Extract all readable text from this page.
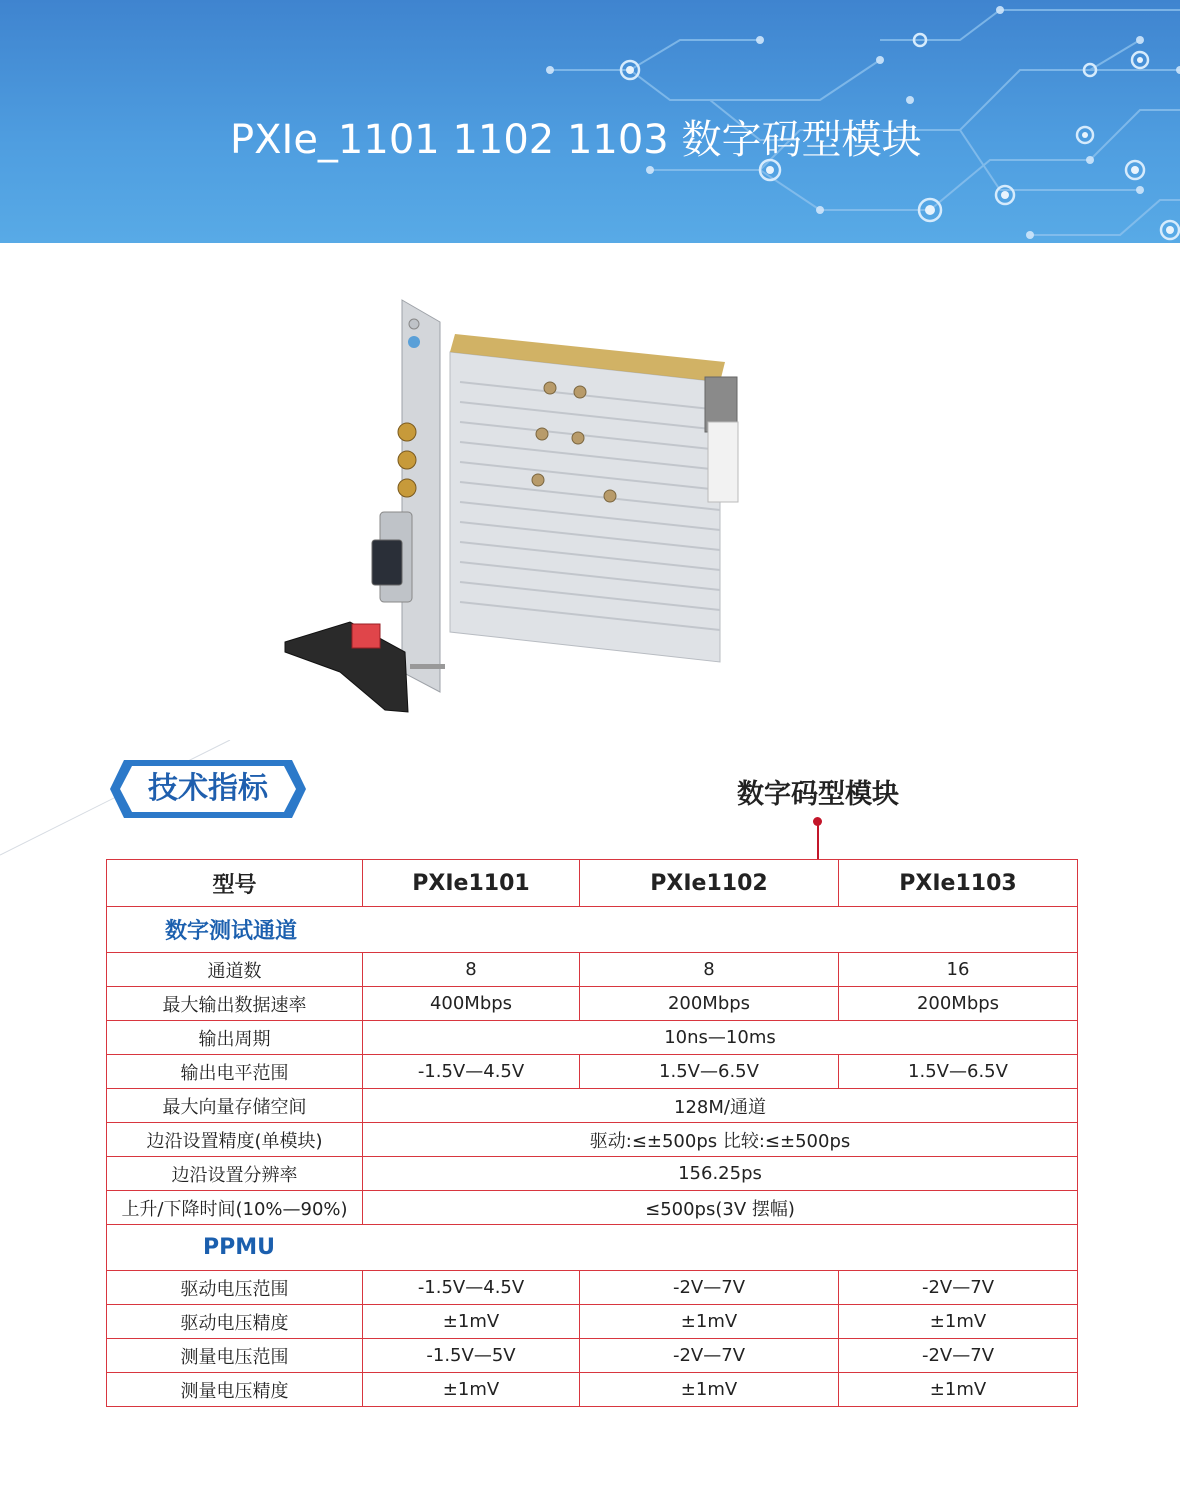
PXIe_1101 1102 1103 数字码型模块
技术指标	数字码型模块
型号	PXIe1101	PXIe1102	PXIe1103
数字测试通道			
通道数	8	8	16
最大输出数据速率	400Mbps	200Mbps	200Mbps
输出周期	10ns—10ms		
输出电平范围	-1.5V—4.5V	1.5V—6.5V	1.5V—6.5V
最大向量存储空间	128M/通道		
边沿设置精度(单模块)	驱动:≤±500ps 比较:≤±500ps		
边沿设置分辨率	156.25ps		
上升/下降时间(10%—90%)	≤500ps(3V 摆幅)		
PPMU			
驱动电压范围	-1.5V—4.5V	-2V—7V	-2V—7V
驱动电压精度	±1mV	±1mV	±1mV
测量电压范围	-1.5V—5V	-2V—7V	-2V—7V
测量电压精度	±1mV	±1mV	±1mV
